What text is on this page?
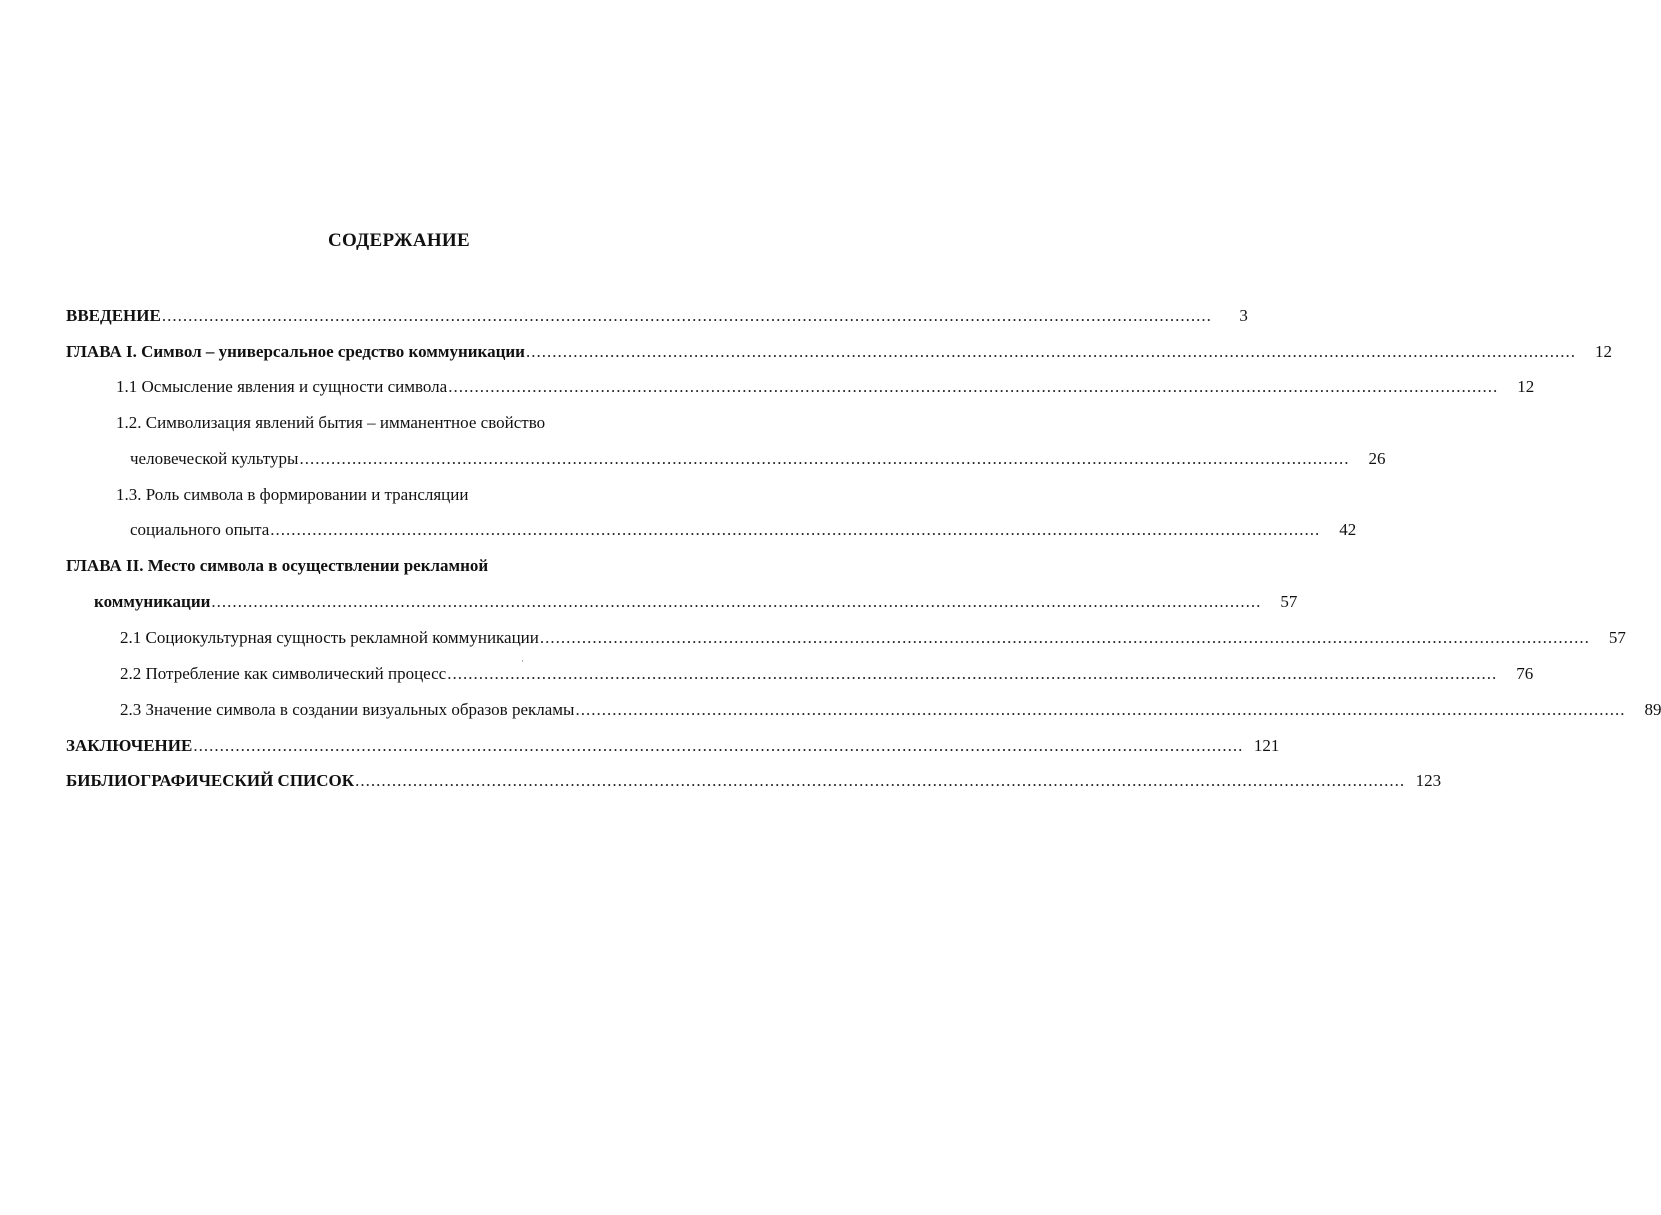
СОДЕРЖАНИЕ
ВВЕДЕНИЕ ........................................................................................................................................................................................................	3
ГЛАВА I. Символ – универсальное средство коммуникации ........................................................................................................................................................................................................	12
1.1 Осмысление явления и сущности символа ........................................................................................................................................................................................................	12
1.2. Символизация явлений бытия – имманентное свойство
человеческой культуры ........................................................................................................................................................................................................	26
1.3. Роль символа в формировании и трансляции
социального опыта ........................................................................................................................................................................................................	42
ГЛАВА II. Место символа в осуществлении рекламной
коммуникации ........................................................................................................................................................................................................	57
2.1 Социокультурная сущность рекламной коммуникации ........................................................................................................................................................................................................	57
2.2 Потребление как символический процесс ........................................................................................................................................................................................................	76
2.3 Значение символа в создании визуальных образов рекламы ........................................................................................................................................................................................................	89
ЗАКЛЮЧЕНИЕ ........................................................................................................................................................................................................ 121
БИБЛИОГРАФИЧЕСКИЙ СПИСОК ........................................................................................................................................................................................................ 123
·
